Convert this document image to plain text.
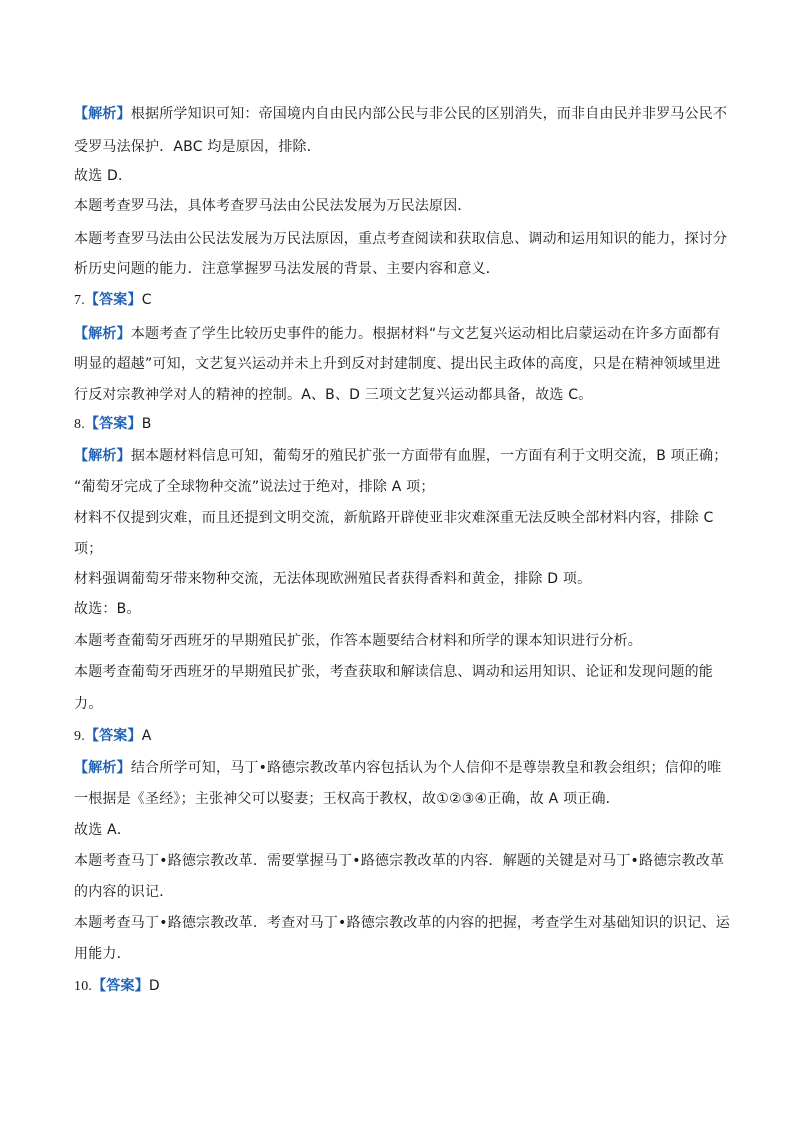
【解析】根据所学知识可知：帝国境内自由民内部公民与非公民的区别消失，而非自由民并非罗马公民不
受罗马法保护．ABC 均是原因，排除．
故选 D．
本题考查罗马法，具体考查罗马法由公民法发展为万民法原因．
本题考查罗马法由公民法发展为万民法原因，重点考查阅读和获取信息、调动和运用知识的能力，探讨分
析历史问题的能力．注意掌握罗马法发展的背景、主要内容和意义．
7.【答案】C
【解析】本题考查了学生比较历史事件的能力。根据材料“与文艺复兴运动相比启蒙运动在许多方面都有
明显的超越”可知，文艺复兴运动并未上升到反对封建制度、提出民主政体的高度，只是在精神领域里进
行反对宗教神学对人的精神的控制。A、B、D 三项文艺复兴运动都具备，故选 C。
8.【答案】B
【解析】据本题材料信息可知，葡萄牙的殖民扩张一方面带有血腥，一方面有利于文明交流，B 项正确；
“葡萄牙完成了全球物种交流”说法过于绝对，排除 A 项；
材料不仅提到灾难，而且还提到文明交流，新航路开辟使亚非灾难深重无法反映全部材料内容，排除 C
项；
材料强调葡萄牙带来物种交流，无法体现欧洲殖民者获得香料和黄金，排除 D 项。
故选：B。
本题考查葡萄牙西班牙的早期殖民扩张，作答本题要结合材料和所学的课本知识进行分析。
本题考查葡萄牙西班牙的早期殖民扩张，考查获取和解读信息、调动和运用知识、论证和发现问题的能
力。
9.【答案】A
【解析】结合所学可知，马丁•路德宗教改革内容包括认为个人信仰不是尊崇教皇和教会组织；信仰的唯
一根据是《圣经》；主张神父可以娶妻；王权高于教权，故①②③④正确，故 A 项正确．
故选 A．
本题考查马丁•路德宗教改革．需要掌握马丁•路德宗教改革的内容．解题的关键是对马丁•路德宗教改革
的内容的识记．
本题考查马丁•路德宗教改革．考查对马丁•路德宗教改革的内容的把握，考查学生对基础知识的识记、运
用能力．
10.【答案】D
